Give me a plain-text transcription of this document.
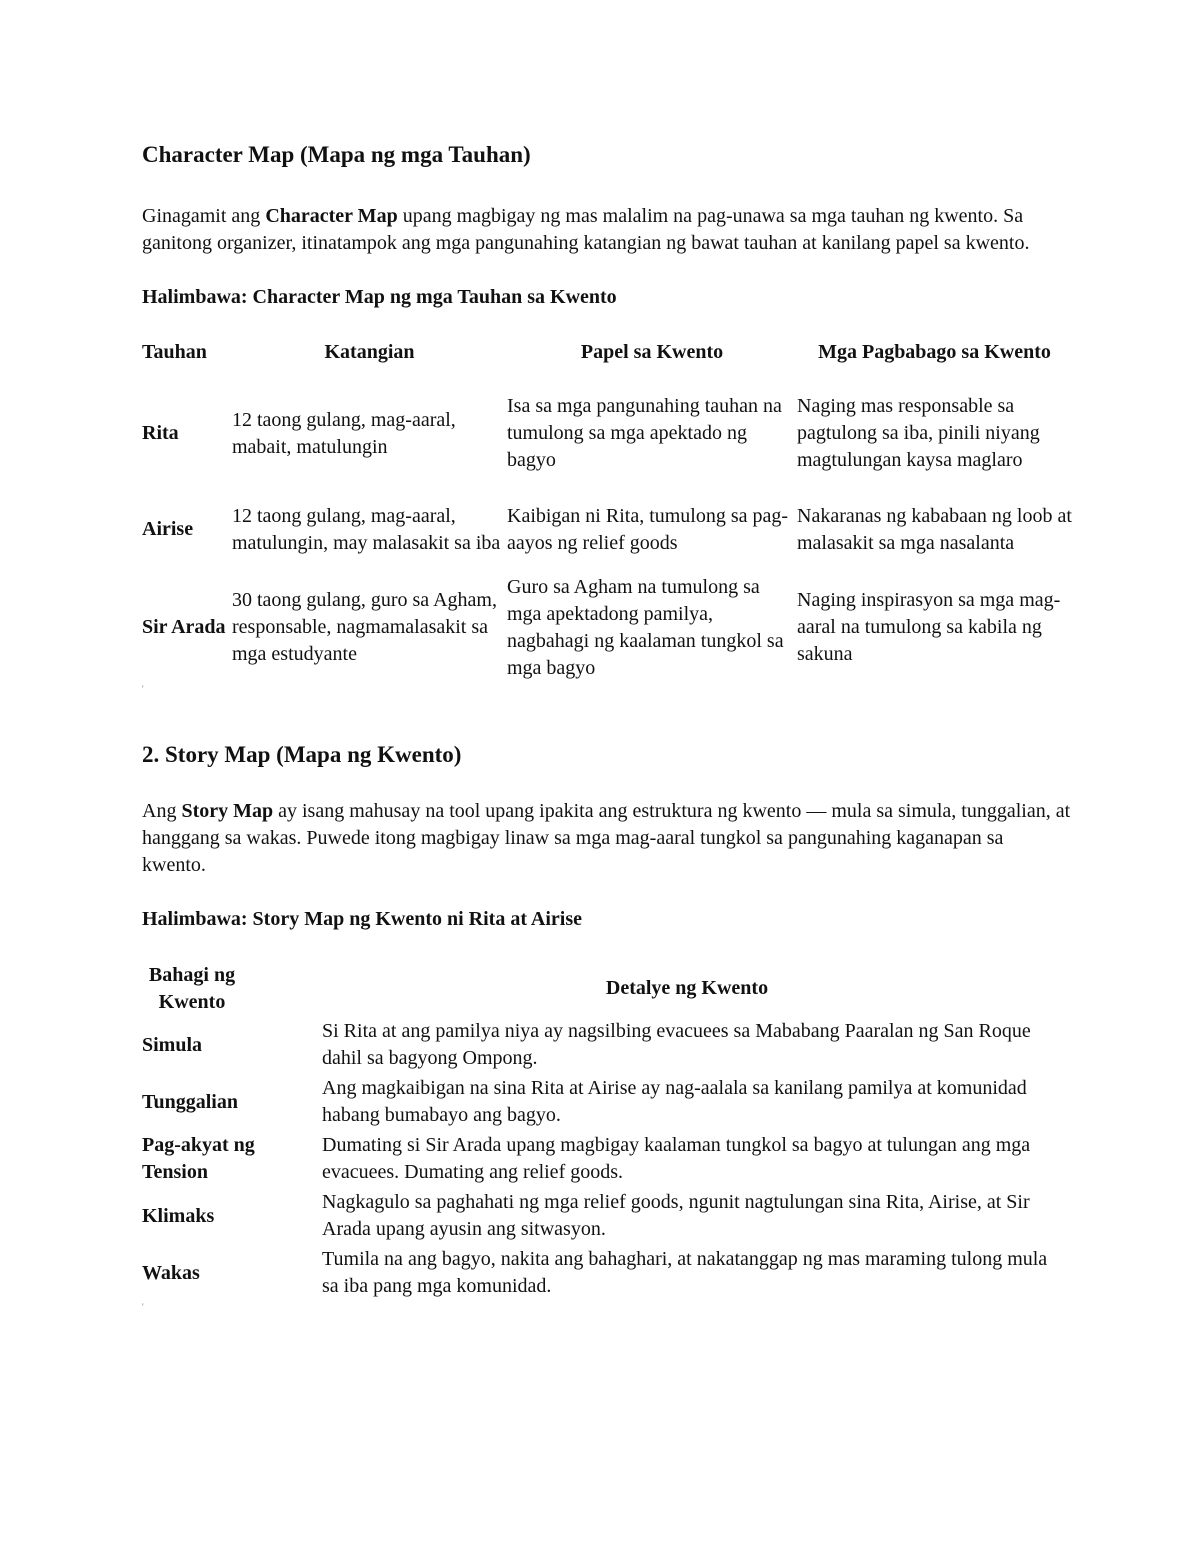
Character Map (Mapa ng mga Tauhan)

Ginagamit ang Character Map upang magbigay ng mas malalim na pag-unawa sa mga tauhan ng kwento. Sa ganitong organizer, itinatampok ang mga pangunahing katangian ng bawat tauhan at kanilang papel sa kwento.

Halimbawa: Character Map ng mga Tauhan sa Kwento

Tauhan	Katangian	Papel sa Kwento	Mga Pagbabago sa Kwento
Rita	12 taong gulang, mag-aaral, mabait, matulungin	Isa sa mga pangunahing tauhan na tumulong sa mga apektado ng bagyo	Naging mas responsable sa pagtulong sa iba, pinili niyang magtulungan kaysa maglaro
Airise	12 taong gulang, mag-aaral, matulungin, may malasakit sa iba	Kaibigan ni Rita, tumulong sa pag-aayos ng relief goods	Nakaranas ng kababaan ng loob at malasakit sa mga nasalanta
Sir Arada	30 taong gulang, guro sa Agham, responsable, nagmamalasakit sa mga estudyante	Guro sa Agham na tumulong sa mga apektadong pamilya, nagbahagi ng kaalaman tungkol sa mga bagyo	Naging inspirasyon sa mga mag-aaral na tumulong sa kabila ng sakuna
'
2. Story Map (Mapa ng Kwento)

Ang Story Map ay isang mahusay na tool upang ipakita ang estruktura ng kwento — mula sa simula, tunggalian, at hanggang sa wakas. Puwede itong magbigay linaw sa mga mag-aaral tungkol sa pangunahing kaganapan sa kwento.

Halimbawa: Story Map ng Kwento ni Rita at Airise

Bahagi ng Kwento	Detalye ng Kwento
Simula	Si Rita at ang pamilya niya ay nagsilbing evacuees sa Mababang Paaralan ng San Roque dahil sa bagyong Ompong.
Tunggalian	Ang magkaibigan na sina Rita at Airise ay nag-aalala sa kanilang pamilya at komunidad habang bumabayo ang bagyo.
Pag-akyat ng Tension	Dumating si Sir Arada upang magbigay kaalaman tungkol sa bagyo at tulungan ang mga evacuees. Dumating ang relief goods.
Klimaks	Nagkagulo sa paghahati ng mga relief goods, ngunit nagtulungan sina Rita, Airise, at Sir Arada upang ayusin ang sitwasyon.
Wakas	Tumila na ang bagyo, nakita ang bahaghari, at nakatanggap ng mas maraming tulong mula sa iba pang mga komunidad.
'
